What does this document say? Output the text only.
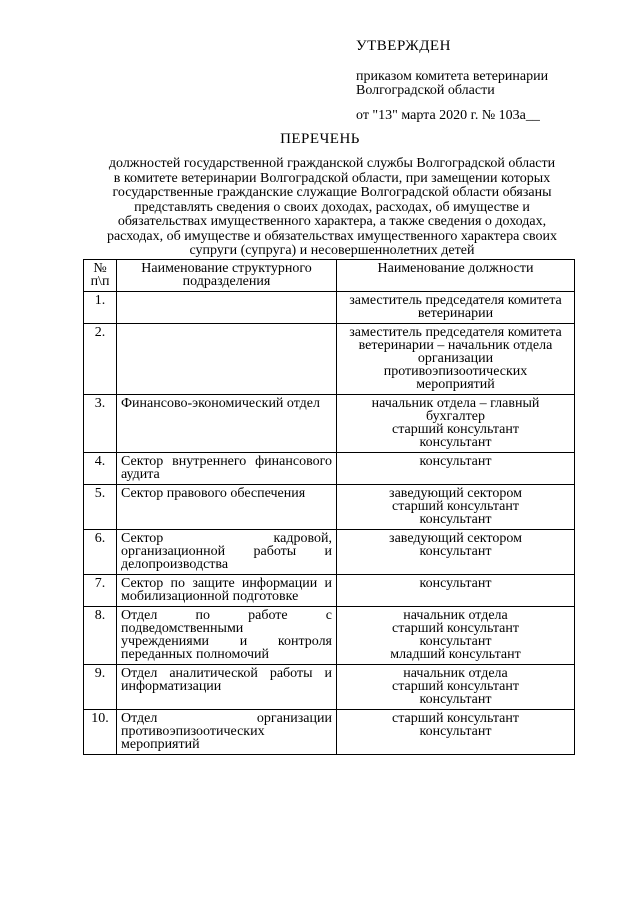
УТВЕРЖДЕН
приказом комитета ветеринарии
Волгоградской области
от "13" марта 2020 г. № 103а__
ПЕРЕЧЕНЬ
должностей государственной гражданской службы Волгоградской области
в комитете ветеринарии Волгоградской области, при замещении которых
государственные гражданские служащие Волгоградской области обязаны
представлять сведения о своих доходах, расходах, об имуществе и
обязательствах имущественного характера, а также сведения о доходах,
расходах, об имуществе и обязательствах имущественного характера своих
супруги (супруга) и несовершеннолетних детей
№
п\п	Наименование структурного подразделения	Наименование должности
1.		заместитель председателя комитета
ветеринарии

2.		заместитель председателя комитета
ветеринарии – начальник отдела
организации
противоэпизоотических
мероприятий

3.	Финансово-экономический отдел	начальник отдела – главный
бухгалтер
старший консультант
консультант

4.	Сектор внутреннего финансового аудита	консультант

5.	Сектор правового обеспечения	заведующий сектором
старший консультант
консультант

6.	Сектор кадровой, организационной работы и делопроизводства	заведующий сектором
консультант

7.	Сектор по защите информации и мобилизационной подготовке	консультант

8.	Отдел по работе с подведомственными учреждениями и контроля переданных полномочий	начальник отдела
старший консультант
консультант
младший консультант

9.	Отдел аналитической работы и информатизации	начальник отдела
старший консультант
консультант

10.	Отдел организации противоэпизоотических мероприятий	старший консультант
консультант
